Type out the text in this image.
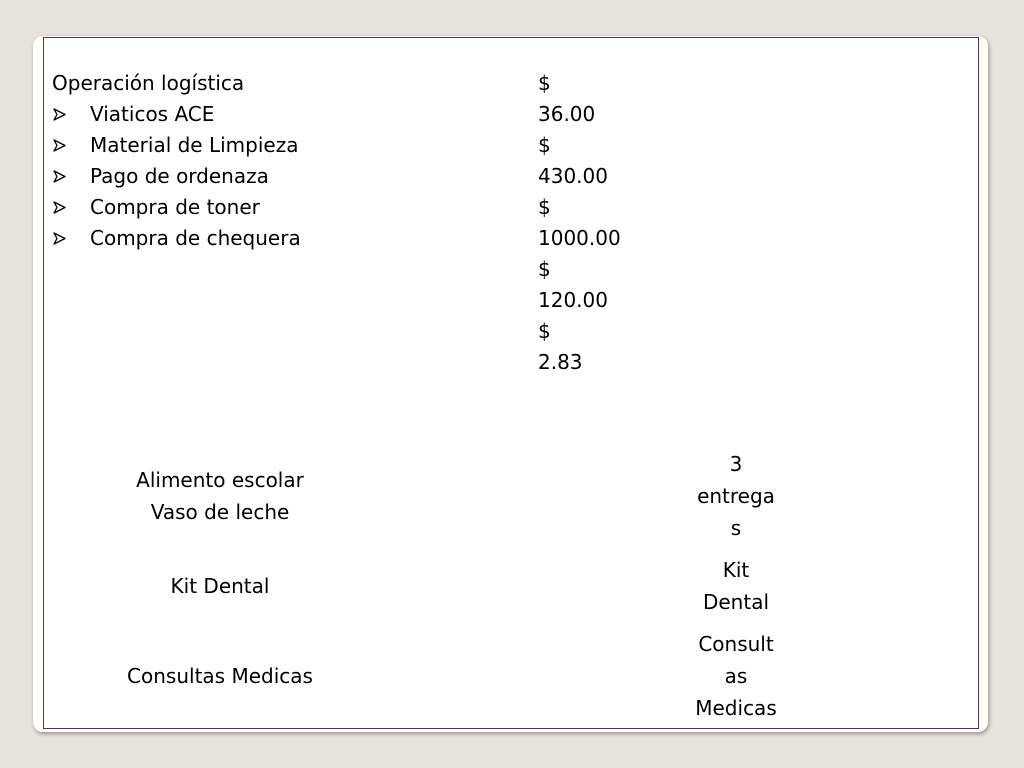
Operación logística
Viaticos ACE
Material de Limpieza
Pago de ordenaza
Compra de toner
Compra de chequera
$
36.00
$
430.00
$
1000.00
$
120.00
$
2.83
Alimento escolar
Vaso de leche
Kit Dental
Consultas Medicas
3
entrega
s
Kit
Dental
Consult
as
Medicas
